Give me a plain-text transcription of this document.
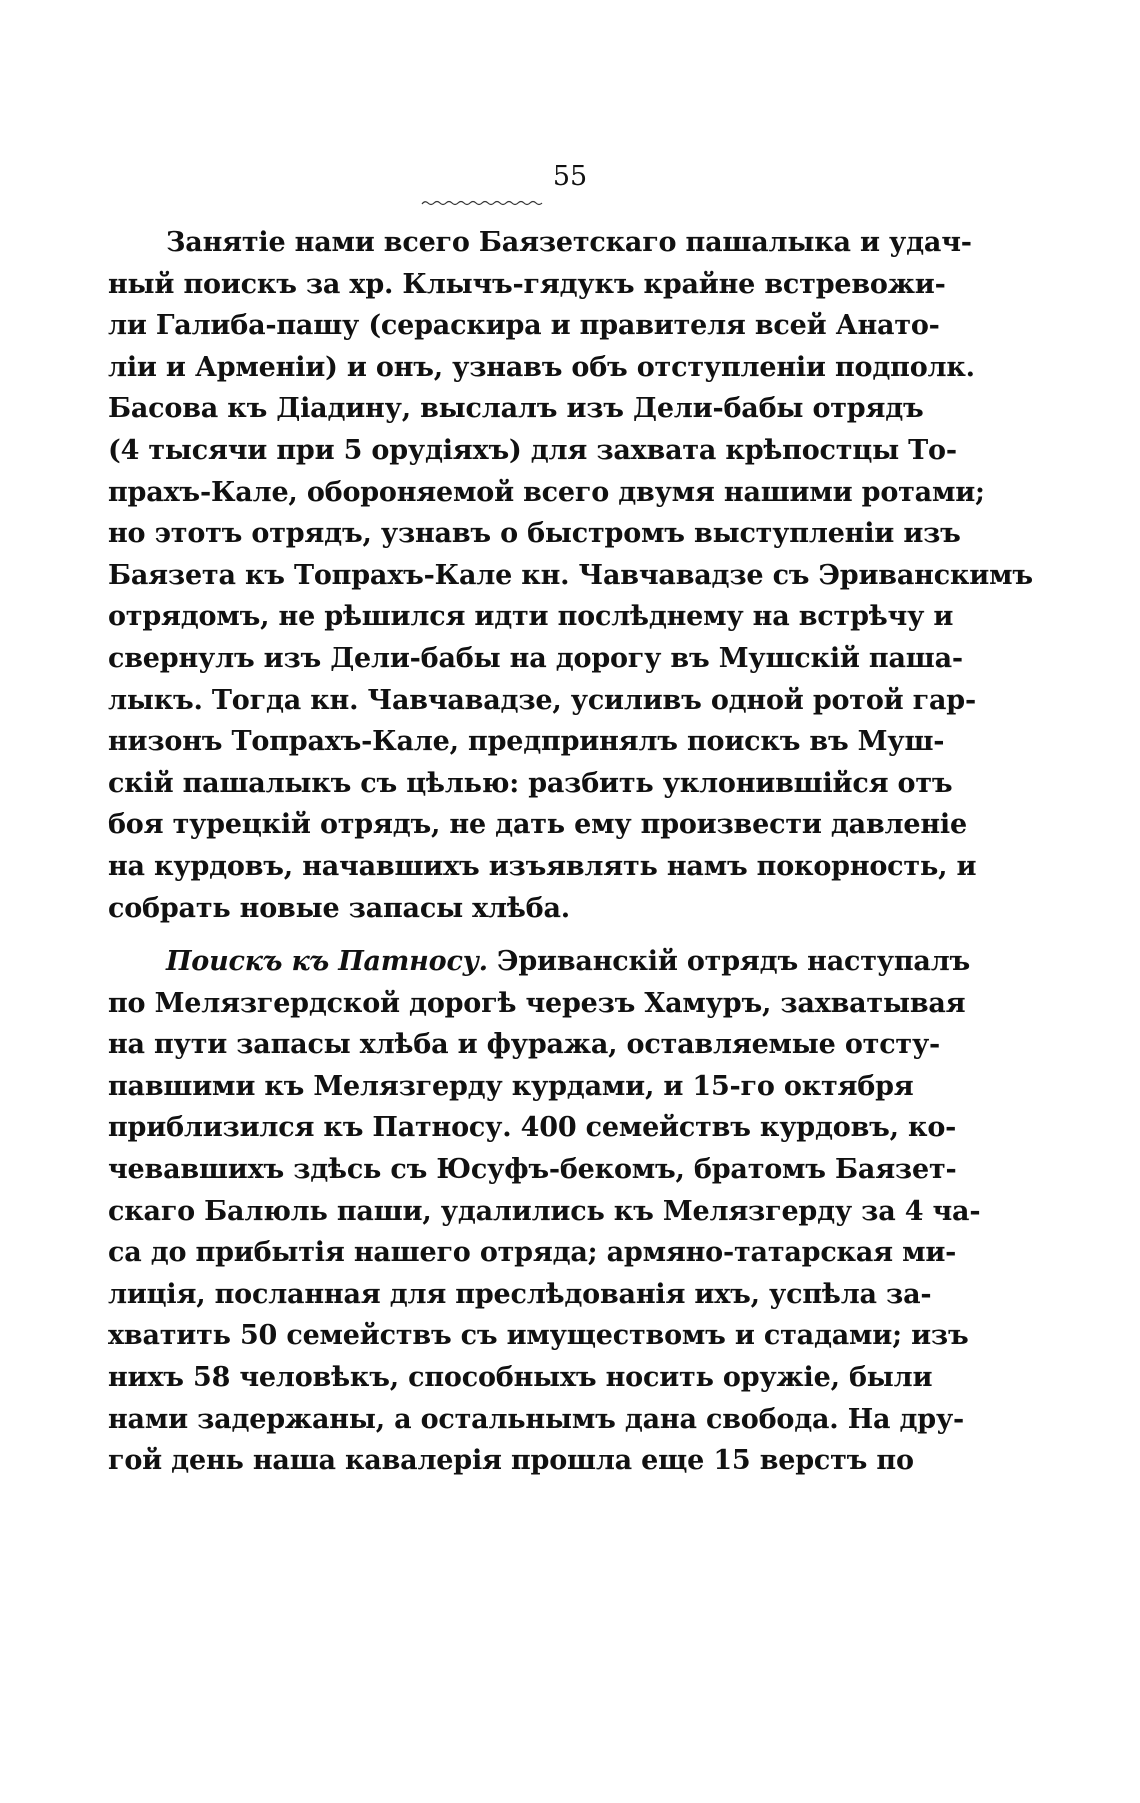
55
Занятіе нами всего Баязетскаго пашалыка и удач-
ный поискъ за хр. Клычъ-гядукъ крайне встревожи-
ли Галиба-пашу (сераскира и правителя всей Анато-
ліи и Арменіи) и онъ, узнавъ объ отступленіи подполк.
Басова къ Діадину, выслалъ изъ Дели-бабы отрядъ
(4 тысячи при 5 орудіяхъ) для захвата крѣпостцы То-
прахъ-Кале, обороняемой всего двумя нашими ротами;
но этотъ отрядъ, узнавъ о быстромъ выступленіи изъ
Баязета къ Топрахъ-Кале кн. Чавчавадзе съ Эриванскимъ
отрядомъ, не рѣшился идти послѣднему на встрѣчу и
свернулъ изъ Дели-бабы на дорогу въ Мушскій паша-
лыкъ. Тогда кн. Чавчавадзе, усиливъ одной ротой гар-
низонъ Топрахъ-Кале, предпринялъ поискъ въ Муш-
скій пашалыкъ съ цѣлью: разбить уклонившійся отъ
боя турецкій отрядъ, не дать ему произвести давленіе
на курдовъ, начавшихъ изъявлять намъ покорность, и
собрать новые запасы хлѣба.
Поискъ къ Патносу. Эриванскій отрядъ наступалъ
по Мелязгердской дорогѣ черезъ Хамуръ, захватывая
на пути запасы хлѣба и фуража, оставляемые отсту-
павшими къ Мелязгерду курдами, и 15-го октября
приблизился къ Патносу. 400 семействъ курдовъ, ко-
чевавшихъ здѣсь съ Юсуфъ-бекомъ, братомъ Баязет-
скаго Балюль паши, удалились къ Мелязгерду за 4 ча-
са до прибытія нашего отряда; армяно-татарская ми-
лиція, посланная для преслѣдованія ихъ, успѣла за-
хватить 50 семействъ съ имуществомъ и стадами; изъ
нихъ 58 человѣкъ, способныхъ носить оружіе, были
нами задержаны, а остальнымъ дана свобода. На дру-
гой день наша кавалерія прошла еще 15 верстъ по
